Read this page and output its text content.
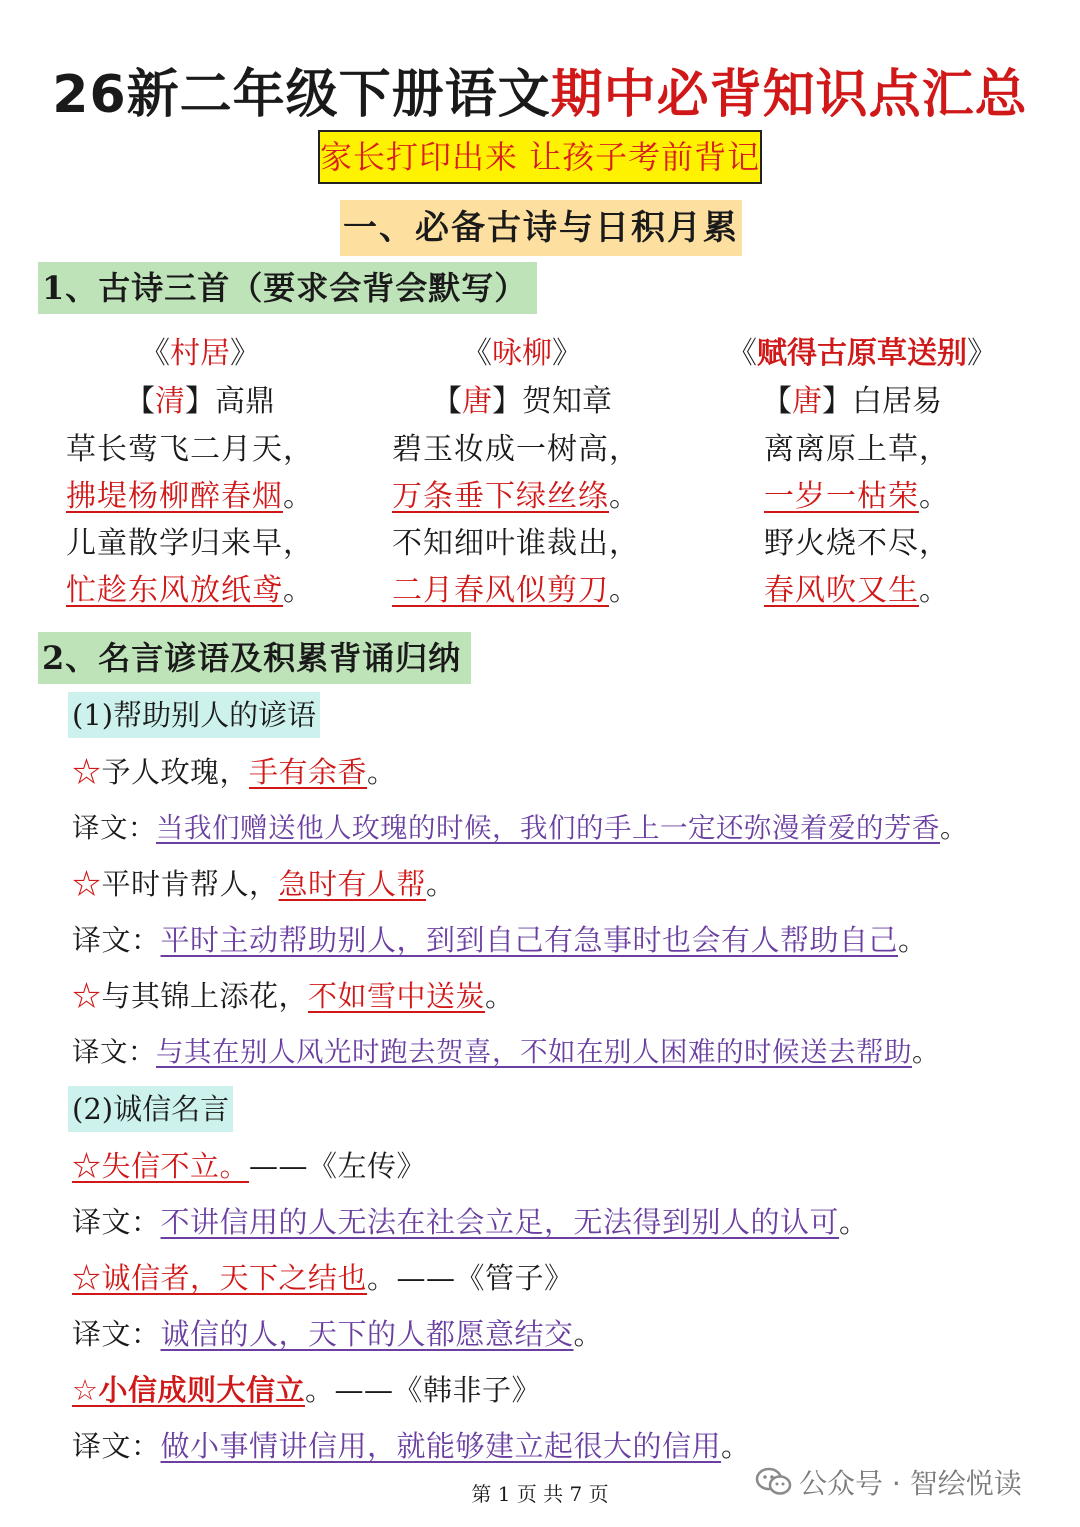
26新二年级下册语文期中必背知识点汇总
家长打印出来 让孩子考前背记
一、必备古诗与日积月累
1、古诗三首（要求会背会默写）
《村居》
【清】高鼎
草长莺飞二月天，
拂堤杨柳醉春烟。
儿童散学归来早，
忙趁东风放纸鸢。
《咏柳》
【唐】贺知章
碧玉妆成一树高，
万条垂下绿丝绦。
不知细叶谁裁出，
二月春风似剪刀。
《赋得古原草送别》
【唐】白居易
离离原上草，
一岁一枯荣。
野火烧不尽，
春风吹又生。
2、名言谚语及积累背诵归纳
(1)帮助别人的谚语
☆予人玫瑰，手有余香。
译文：当我们赠送他人玫瑰的时候，我们的手上一定还弥漫着爱的芳香。
☆平时肯帮人，急时有人帮。
译文：平时主动帮助别人，到到自己有急事时也会有人帮助自己。
☆与其锦上添花，不如雪中送炭。
译文：与其在别人风光时跑去贺喜，不如在别人困难的时候送去帮助。
(2)诚信名言
☆失信不立。——《左传》
译文：不讲信用的人无法在社会立足，无法得到别人的认可。
☆诚信者，天下之结也。——《管子》
译文：诚信的人，天下的人都愿意结交。
☆小信成则大信立。——《韩非子》
译文：做小事情讲信用，就能够建立起很大的信用。
第 1 页 共 7 页	公众号 · 智绘悦读
